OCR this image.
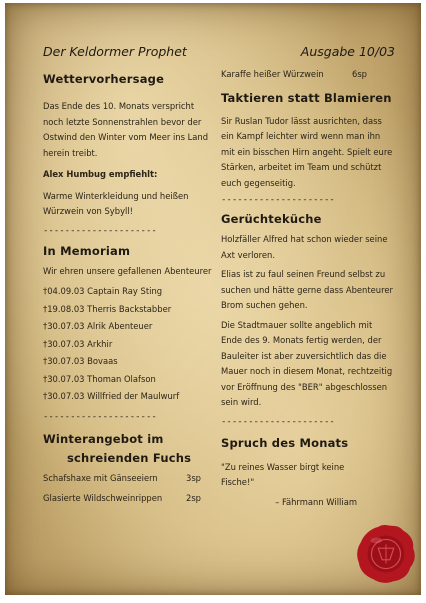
Der Keldormer Prophet	Ausgabe 10/03
Wettervorhersage

Das Ende des 10. Monats verspricht noch letzte Sonnenstrahlen bevor der Ostwind den Winter vom Meer ins Land herein treibt.

Alex Humbug empfiehlt:

Warme Winterkleidung und heißen Würzwein von Sybyll!

---------------------
In Memoriam

Wir ehren unsere gefallenen Abenteurer

†04.09.03 Captain Ray Sting
†19.08.03 Therris Backstabber
†30.07.03 Alrik Abenteuer
†30.07.03 Arkhir
†30.07.03 Bovaas
†30.07.03 Thoman Olafson
†30.07.03 Willfried der Maulwurf
---------------------
Winterangebot im
schreienden Fuchs
Schafshaxe mit Gänseeiern	3sp
Glasierte Wildschweinrippen	2sp
Karaffe heißer Würzwein	6sp
Taktieren statt Blamieren

Sir Ruslan Tudor lässt ausrichten, dass ein Kampf leichter wird wenn man ihn mit ein bisschen Hirn angeht. Spielt eure Stärken, arbeitet im Team und schützt euch gegenseitig.

---------------------
Gerüchteküche

Holzfäller Alfred hat schon wieder seine Axt verloren.

Elias ist zu faul seinen Freund selbst zu suchen und hätte gerne dass Abenteurer Brom suchen gehen.

Die Stadtmauer sollte angeblich mit Ende des 9. Monats fertig werden, der Bauleiter ist aber zuversichtlich das die Mauer noch in diesem Monat, rechtzeitig vor Eröffnung des "BER" abgeschlossen sein wird.

---------------------
Spruch des Monats

"Zu reines Wasser birgt keine Fische!"

– Fährmann William
